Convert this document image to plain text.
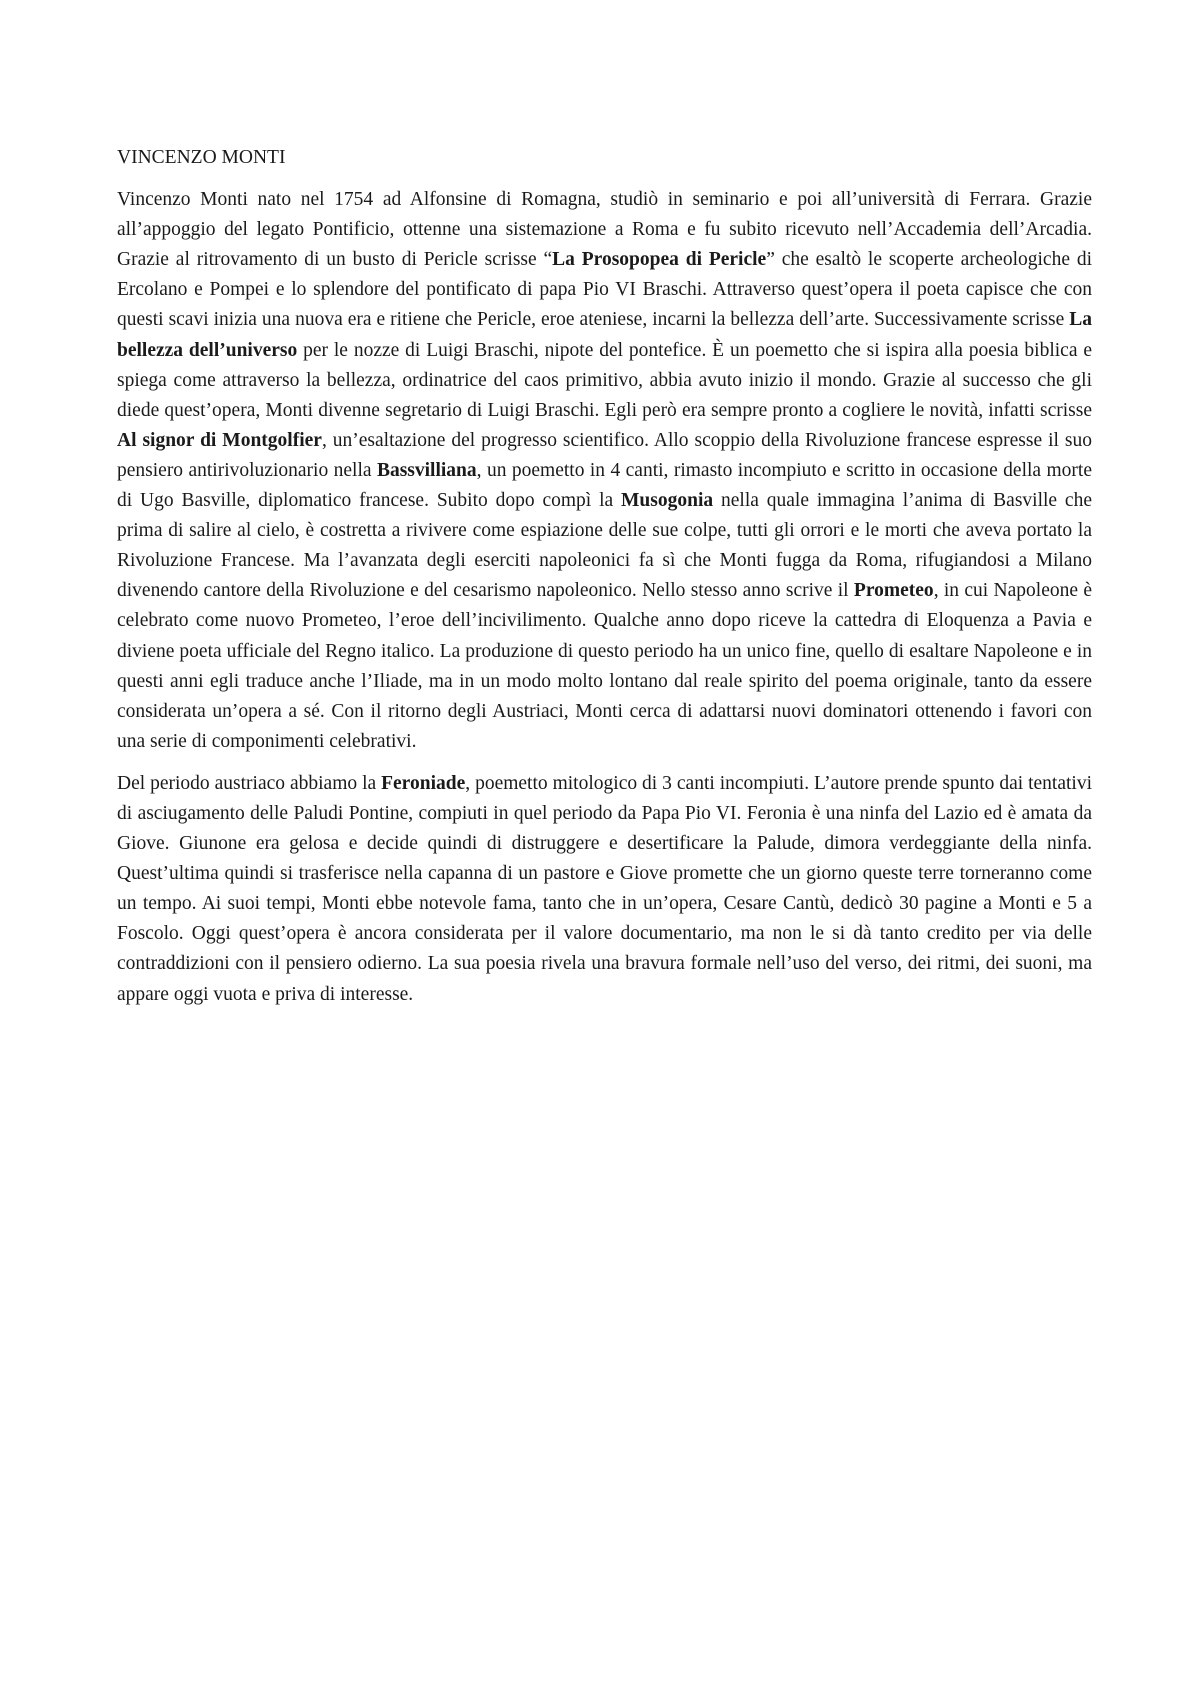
VINCENZO MONTI

Vincenzo Monti nato nel 1754 ad Alfonsine di Romagna, studiò in seminario e poi all’università di Ferrara. Grazie all’appoggio del legato Pontificio, ottenne una sistemazione a Roma e fu subito ricevuto nell’Accademia dell’Arcadia. Grazie al ritrovamento di un busto di Pericle scrisse “La Prosopopea di Pericle” che esaltò le scoperte archeologiche di Ercolano e Pompei e lo splendore del pontificato di papa Pio VI Braschi. Attraverso quest’opera il poeta capisce che con questi scavi inizia una nuova era e ritiene che Pericle, eroe ateniese, incarni la bellezza dell’arte. Successivamente scrisse La bellezza dell’universo per le nozze di Luigi Braschi, nipote del pontefice. È un poemetto che si ispira alla poesia biblica e spiega come attraverso la bellezza, ordinatrice del caos primitivo, abbia avuto inizio il mondo. Grazie al successo che gli diede quest’opera, Monti divenne segretario di Luigi Braschi. Egli però era sempre pronto a cogliere le novità, infatti scrisse Al signor di Montgolfier, un’esaltazione del progresso scientifico. Allo scoppio della Rivoluzione francese espresse il suo pensiero antirivoluzionario nella Bassvilliana, un poemetto in 4 canti, rimasto incompiuto e scritto in occasione della morte di Ugo Basville, diplomatico francese. Subito dopo compì la Musogonia nella quale immagina l’anima di Basville che prima di salire al cielo, è costretta a rivivere come espiazione delle sue colpe, tutti gli orrori e le morti che aveva portato la Rivoluzione Francese. Ma l’avanzata degli eserciti napoleonici fa sì che Monti fugga da Roma, rifugiandosi a Milano divenendo cantore della Rivoluzione e del cesarismo napoleonico. Nello stesso anno scrive il Prometeo, in cui Napoleone è celebrato come nuovo Prometeo, l’eroe dell’incivilimento. Qualche anno dopo riceve la cattedra di Eloquenza a Pavia e diviene poeta ufficiale del Regno italico. La produzione di questo periodo ha un unico fine, quello di esaltare Napoleone e in questi anni egli traduce anche l’Iliade, ma in un modo molto lontano dal reale spirito del poema originale, tanto da essere considerata un’opera a sé. Con il ritorno degli Austriaci, Monti cerca di adattarsi nuovi dominatori ottenendo i favori con una serie di componimenti celebrativi.

Del periodo austriaco abbiamo la Feroniade, poemetto mitologico di 3 canti incompiuti. L’autore prende spunto dai tentativi di asciugamento delle Paludi Pontine, compiuti in quel periodo da Papa Pio VI. Feronia è una ninfa del Lazio ed è amata da Giove. Giunone era gelosa e decide quindi di distruggere e desertificare la Palude, dimora verdeggiante della ninfa. Quest’ultima quindi si trasferisce nella capanna di un pastore e Giove promette che un giorno queste terre torneranno come un tempo. Ai suoi tempi, Monti ebbe notevole fama, tanto che in un’opera, Cesare Cantù, dedicò 30 pagine a Monti e 5 a Foscolo. Oggi quest’opera è ancora considerata per il valore documentario, ma non le si dà tanto credito per via delle contraddizioni con il pensiero odierno. La sua poesia rivela una bravura formale nell’uso del verso, dei ritmi, dei suoni, ma appare oggi vuota e priva di interesse.
